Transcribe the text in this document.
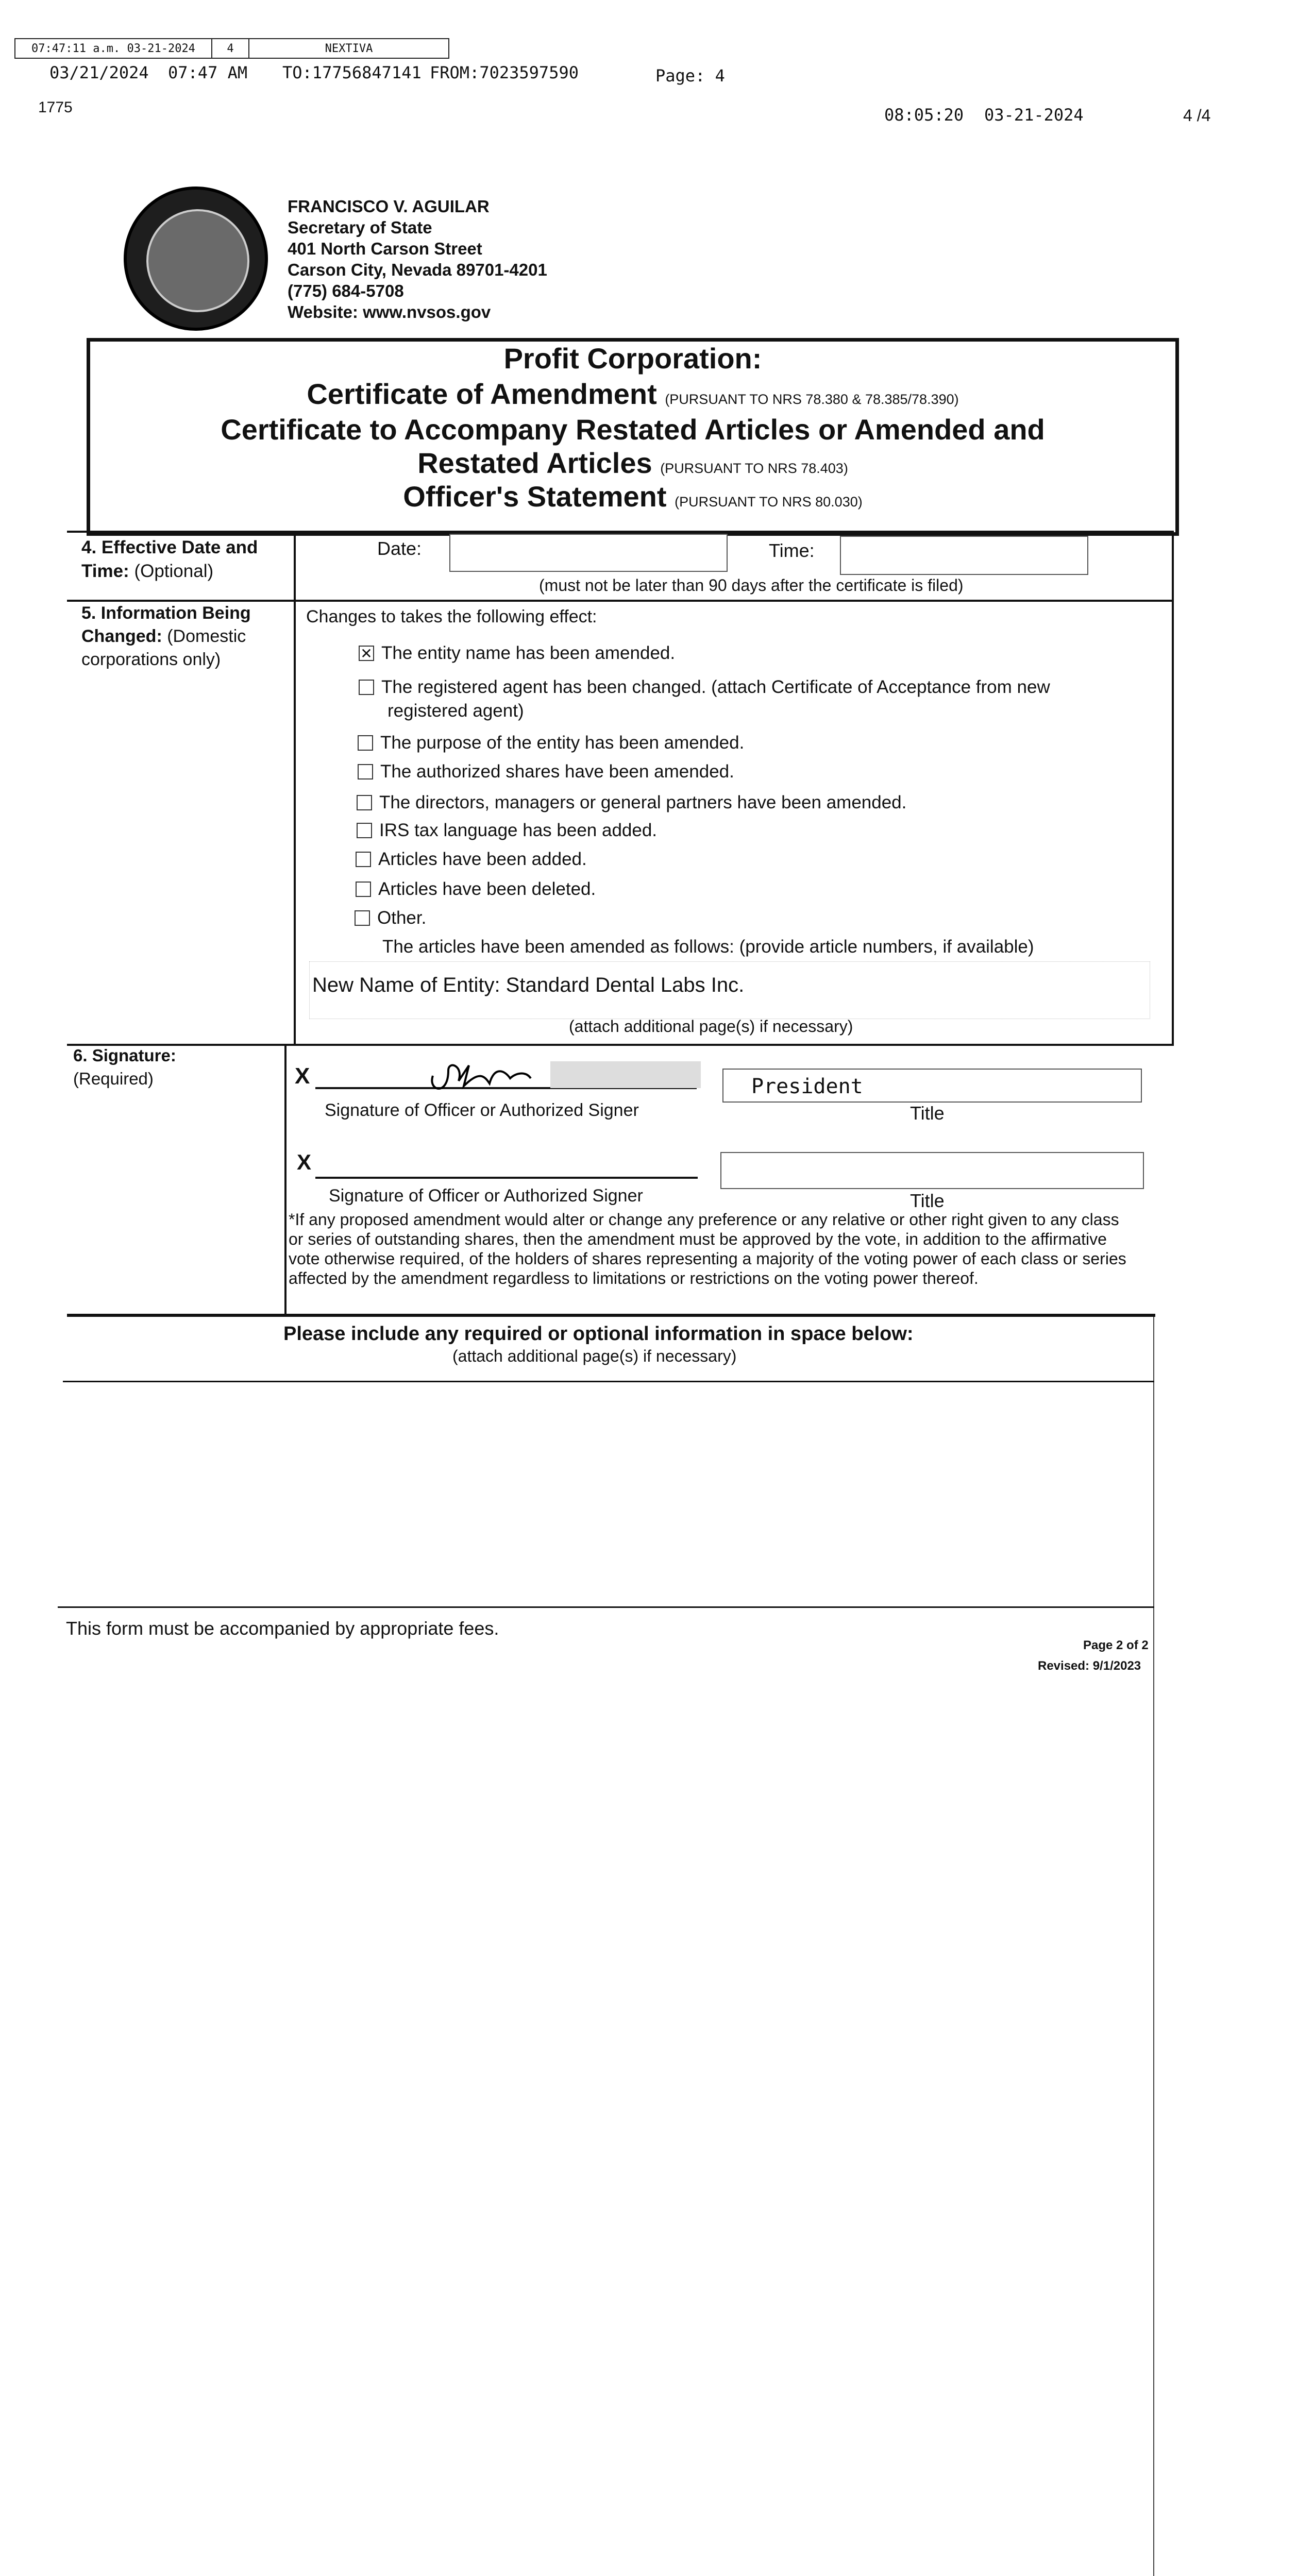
07:47:11 a.m. 03-21-2024	4	NEXTIVA
03/21/2024 07:47 AM TO:17756847141 FROM:7023597590	Page: 4
1775	08:05:20 03-21-2024	4 /4
FRANCISCO V. AGUILAR
Secretary of State
401 North Carson Street
Carson City, Nevada 89701-4201
(775) 684-5708
Website: www.nvsos.gov
Profit Corporation:
Certificate of Amendment (PURSUANT TO NRS 78.380 & 78.385/78.390)
Certificate to Accompany Restated Articles or Amended and
Restated Articles (PURSUANT TO NRS 78.403)
Officer's Statement (PURSUANT TO NRS 80.030)
4. Effective Date and
Time: (Optional)
Date:	Time:
(must not be later than 90 days after the certificate is filed)
5. Information Being
Changed: (Domestic
corporations only)
Changes to takes the following effect:
✕ The entity name has been amended.
The registered agent has been changed. (attach Certificate of Acceptance from new
registered agent)
The purpose of the entity has been amended.
The authorized shares have been amended.
The directors, managers or general partners have been amended.
IRS tax language has been added.
Articles have been added.
Articles have been deleted.
Other.
The articles have been amended as follows: (provide article numbers, if available)
New Name of Entity: Standard Dental Labs Inc.
(attach additional page(s) if necessary)
6. Signature:
(Required)	X
Signature of Officer or Authorized Signer
President
Title
X
Signature of Officer or Authorized Signer	Title
*If any proposed amendment would alter or change any preference or any relative or other right given to any class or series of outstanding shares, then the amendment must be approved by the vote, in addition to the affirmative vote otherwise required, of the holders of shares representing a majority of the voting power of each class or series affected by the amendment regardless to limitations or restrictions on the voting power thereof.
Please include any required or optional information in space below:
(attach additional page(s) if necessary)
This form must be accompanied by appropriate fees.
Page 2 of 2
Revised: 9/1/2023
